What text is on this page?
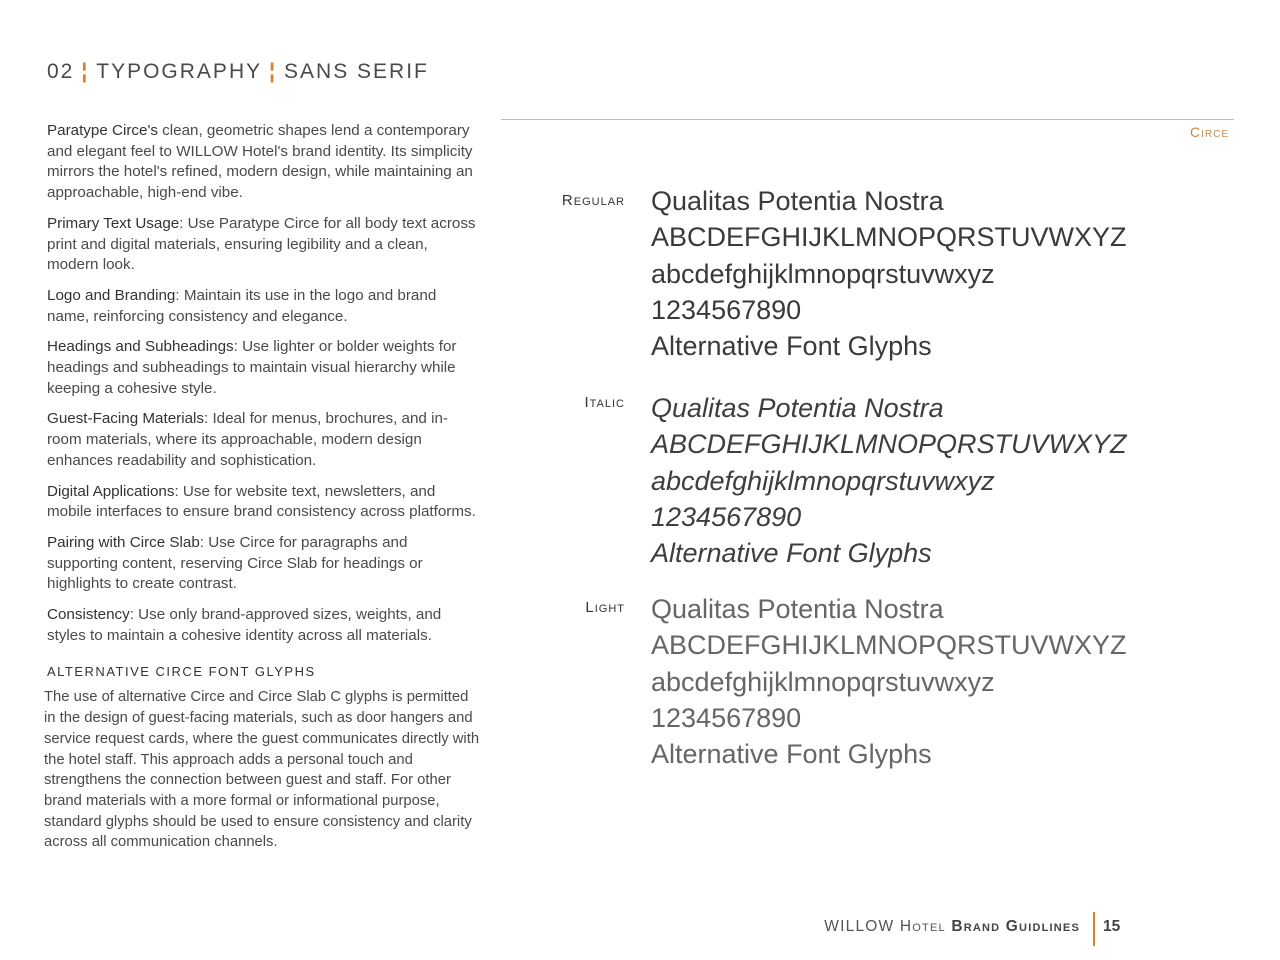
02 ¦ TYPOGRAPHY ¦ SANS SERIF

Paratype Circe's clean, geometric shapes lend a contemporary and elegant feel to WILLOW Hotel's brand identity. Its simplicity mirrors the hotel's refined, modern design, while maintaining an approachable, high-end vibe.

Primary Text Usage: Use Paratype Circe for all body text across print and digital materials, ensuring legibility and a clean, modern look.

Logo and Branding: Maintain its use in the logo and brand name, reinforcing consistency and elegance.

Headings and Subheadings: Use lighter or bolder weights for headings and subheadings to maintain visual hierarchy while keeping a cohesive style.

Guest-Facing Materials: Ideal for menus, brochures, and in-room materials, where its approachable, modern design enhances readability and sophistication.

Digital Applications: Use for website text, newsletters, and mobile interfaces to ensure brand consistency across platforms.

Pairing with Circe Slab: Use Circe for paragraphs and supporting content, reserving Circe Slab for headings or highlights to create contrast.

Consistency: Use only brand-approved sizes, weights, and styles to maintain a cohesive identity across all materials.

ALTERNATIVE CIRCE FONT GLYPHS

The use of alternative Circe and Circe Slab C glyphs is permitted in the design of guest-facing materials, such as door hangers and service request cards, where the guest communicates directly with the hotel staff. This approach adds a personal touch and strengthens the connection between guest and staff. For other brand materials with a more formal or informational purpose, standard glyphs should be used to ensure consistency and clarity across all communication channels.

Circe
Regular Qualitas Potentia Nostra

ABCDEFGHIJKLMNOPQRSTUVWXYZ

abcdefghijklmnopqrstuvwxyz

1234567890

Alternative Font Glyphs

Italic Qualitas Potentia Nostra

ABCDEFGHIJKLMNOPQRSTUVWXYZ

abcdefghijklmnopqrstuvwxyz

1234567890

Alternative Font Glyphs

Light Qualitas Potentia Nostra

ABCDEFGHIJKLMNOPQRSTUVWXYZ

abcdefghijklmnopqrstuvwxyz

1234567890

Alternative Font Glyphs

WILLOW Hotel Brand Guidlines 15
